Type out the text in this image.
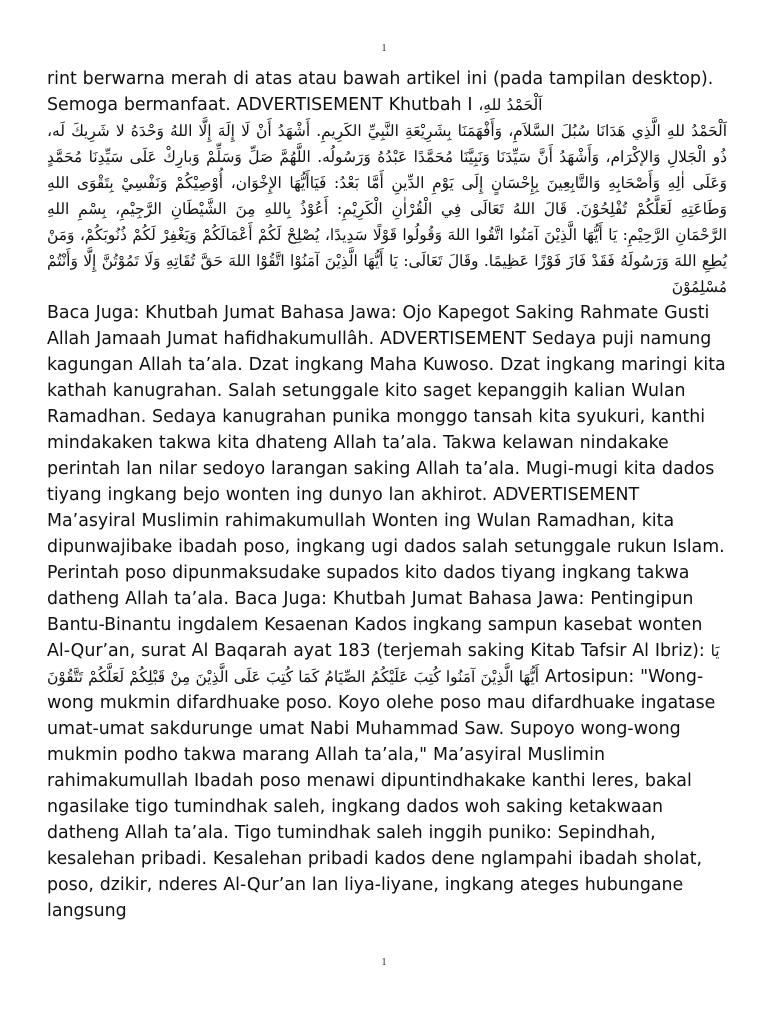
1
rint berwarna merah di atas atau bawah artikel ini (pada tampilan desktop). Semoga bermanfaat. ADVERTISEMENT Khutbah I اَلْحَمْدُ للهِ،
اَلْحَمْدُ للهِ الَّذِي هَدَانَا سُبُلَ السَّلاَمِ، وَأَفْهَمَنَا بِشَرِيْعَةِ النَّبِيِّ الكَرِيمِ. أَشْهَدُ أَنْ لَا إِلَهَ إِلَّا اللهُ وَحْدَهُ لا شَرِيكَ لَه، ذُو الْجَلالِ وَالإكْرَام، وَأَشْهَدُ أَنَّ سَيِّدَنَا وَنَبِيَّنَا مُحَمَّدًا عَبْدُهُ وَرَسُولُه. اللَّهُمَّ صَلِّ وَسَلِّمْ وَبارِكْ عَلَى سَيِّدِنَا مُحَمَّدٍ وَعَلَى اٰلِهِ وَأَصْحَابِهِ وَالتَّابِعِينَ بِإِحْسَانٍ إِلَى يَوْمِ الدِّينِ أَمَّا بَعْدُ: فَيَاأَيُّهَا الإِخْوَان، أُوْصِيْكُمْ وَنَفْسِيْ بِتَقْوَى اللهِ وَطَاعَتِهِ لَعَلَّكُمْ تُفْلِحُوْنَ. قَالَ اللهُ تَعَالَى فِي الْقُرْاٰنِ الْكَرِيْمِ: أَعُوْذُ بِاللهِ مِنَ الشَّيْطَانِ الرَّجِيْمِ، بِسْمِ اللهِ الرَّحْمَانِ الرَّحِيْمِ: يَا أَيُّهَا الَّذِيْنَ آمَنُوا اتَّقُوا اللهَ وَقُولُوا قَوْلًا سَدِيدًا، يُصْلِحْ لَكُمْ أَعْمَالَكُمْ وَيَغْفِرْ لَكُمْ ذُنُوبَكُمْ، وَمَنْ يُطِعِ اللهَ وَرَسُولَهُ فَقَدْ فَازَ فَوْزًا عَظِيمًا. وقَالَ تَعَالَى: يَا أَيُّهَا الَّذِيْنَ آمَنُوْا اتَّقُوْا اللهَ حَقَّ تُقَاتِهِ وَلَا تَمُوْتُنَّ إِلَّا وَأَنْتُمْ مُسْلِمُوْنَ
Baca Juga: Khutbah Jumat Bahasa Jawa: Ojo Kapegot Saking Rahmate Gusti Allah Jamaah Jumat hafidhakumullâh. ADVERTISEMENT Sedaya puji namung kagungan Allah ta’ala. Dzat ingkang Maha Kuwoso. Dzat ingkang maringi kita kathah kanugrahan. Salah setunggale kito saget kepanggih kalian Wulan Ramadhan. Sedaya kanugrahan punika monggo tansah kita syukuri, kanthi mindakaken takwa kita dhateng Allah ta’ala. Takwa kelawan nindakake perintah lan nilar sedoyo larangan saking Allah ta’ala. Mugi-mugi kita dados tiyang ingkang bejo wonten ing dunyo lan akhirot. ADVERTISEMENT Ma’asyiral Muslimin rahimakumullah Wonten ing Wulan Ramadhan, kita dipunwajibake ibadah poso, ingkang ugi dados salah setunggale rukun Islam. Perintah poso dipunmaksudake supados kito dados tiyang ingkang takwa datheng Allah ta’ala. Baca Juga: Khutbah Jumat Bahasa Jawa: Pentingipun Bantu-Binantu ingdalem Kesaenan Kados ingkang sampun kasebat wonten Al-Qur’an, surat Al Baqarah ayat 183 (terjemah saking Kitab Tafsir Al Ibriz): يَا أَيُّهَا الَّذِيْنَ آمَنُوا كُتِبَ عَلَيْكُمُ الصِّيَامُ كَمَا كُتِبَ عَلَى الَّذِيْنَ مِنْ قَبْلِكُمْ لَعَلَّكُمْ تَتَّقُوْنَ Artosipun: "Wong-wong mukmin difardhuake poso. Koyo olehe poso mau difardhuake ingatase umat-umat sakdurunge umat Nabi Muhammad Saw. Supoyo wong-wong mukmin podho takwa marang Allah ta’ala," Ma’asyiral Muslimin rahimakumullah Ibadah poso menawi dipuntindhakake kanthi leres, bakal ngasilake tigo tumindhak saleh, ingkang dados woh saking ketakwaan datheng Allah ta’ala. Tigo tumindhak saleh inggih puniko: Sepindhah, kesalehan pribadi. Kesalehan pribadi kados dene nglampahi ibadah sholat, poso, dzikir, nderes Al-Qur’an lan liya-liyane, ingkang ateges hubungane langsung
1
